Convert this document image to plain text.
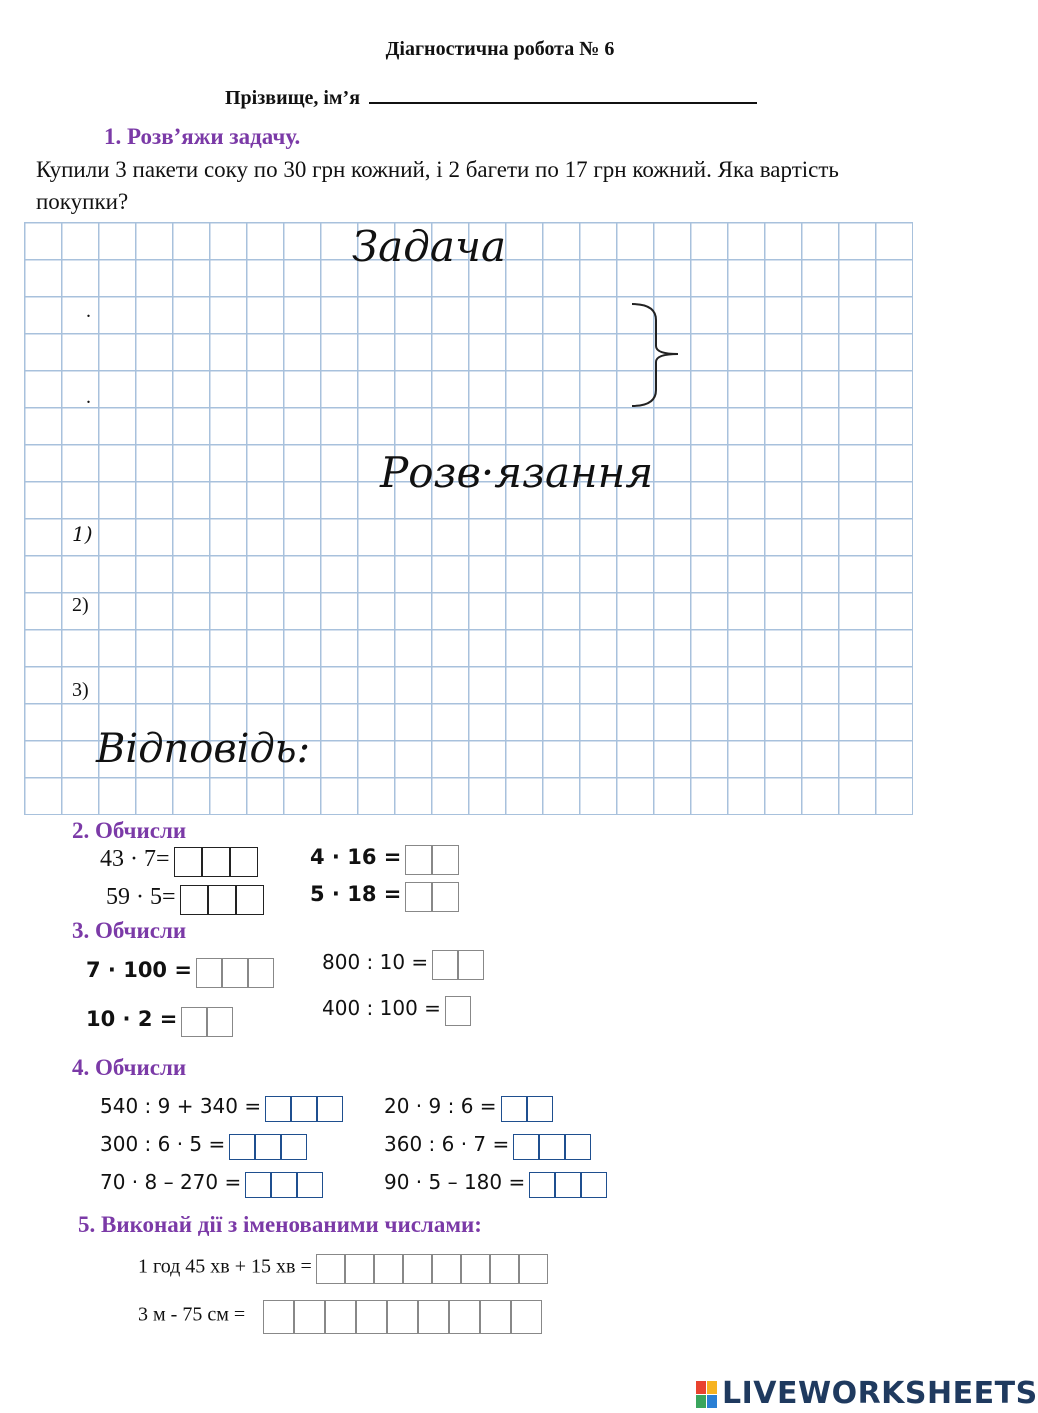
Діагностична робота № 6
Прізвище, ім’я
1. Розв’яжи задачу.
Купили 3 пакети соку по 30 грн кожний, і 2 багети по 17 грн кожний. Яка вартість покупки?
Задача
.
.
Розв·язання
1)
2)
3)
Відповідь:
2. Обчисли
43 · 7=
59 · 5=
4 · 16 =
5 · 18 =
3. Обчисли
7 · 100 =
10 · 2 =
800 : 10 =
400 : 100 =
4. Обчисли
540 : 9 + 340 =
300 : 6 · 5 =
70 · 8 – 270 =
20 · 9 : 6 =
360 : 6 · 7 =
90 · 5 – 180 =
5. Виконай дії з іменованими числами:
1 год 45 хв + 15 хв =
3 м - 75 см =
LIVEWORKSHEETS
